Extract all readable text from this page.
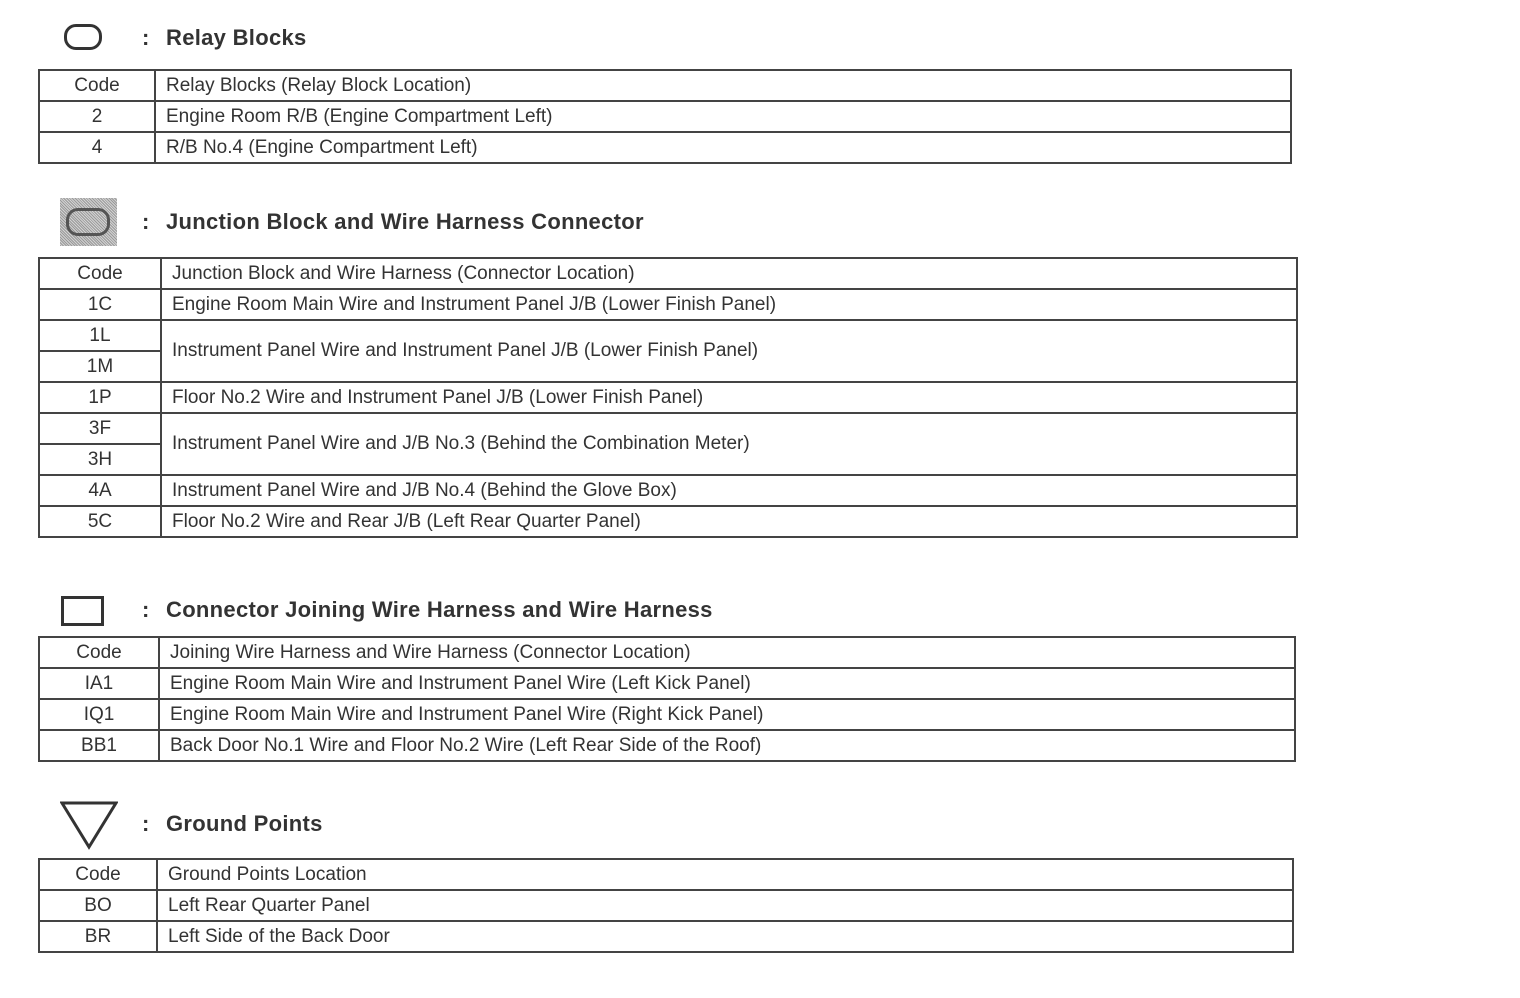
: Relay Blocks
Code	Relay Blocks (Relay Block Location)
2	Engine Room R/B (Engine Compartment Left)
4	R/B No.4 (Engine Compartment Left)
: Junction Block and Wire Harness Connector
Code	Junction Block and Wire Harness (Connector Location)
1C	Engine Room Main Wire and Instrument Panel J/B (Lower Finish Panel)
1L	Instrument Panel Wire and Instrument Panel J/B (Lower Finish Panel)
1M	
1P	Floor No.2 Wire and Instrument Panel J/B (Lower Finish Panel)
3F	Instrument Panel Wire and J/B No.3 (Behind the Combination Meter)
3H	
4A	Instrument Panel Wire and J/B No.4 (Behind the Glove Box)
5C	Floor No.2 Wire and Rear J/B (Left Rear Quarter Panel)
: Connector Joining Wire Harness and Wire Harness
Code	Joining Wire Harness and Wire Harness (Connector Location)
IA1	Engine Room Main Wire and Instrument Panel Wire (Left Kick Panel)
IQ1	Engine Room Main Wire and Instrument Panel Wire (Right Kick Panel)
BB1	Back Door No.1 Wire and Floor No.2 Wire (Left Rear Side of the Roof)
: Ground Points
Code	Ground Points Location
BO	Left Rear Quarter Panel
BR	Left Side of the Back Door
